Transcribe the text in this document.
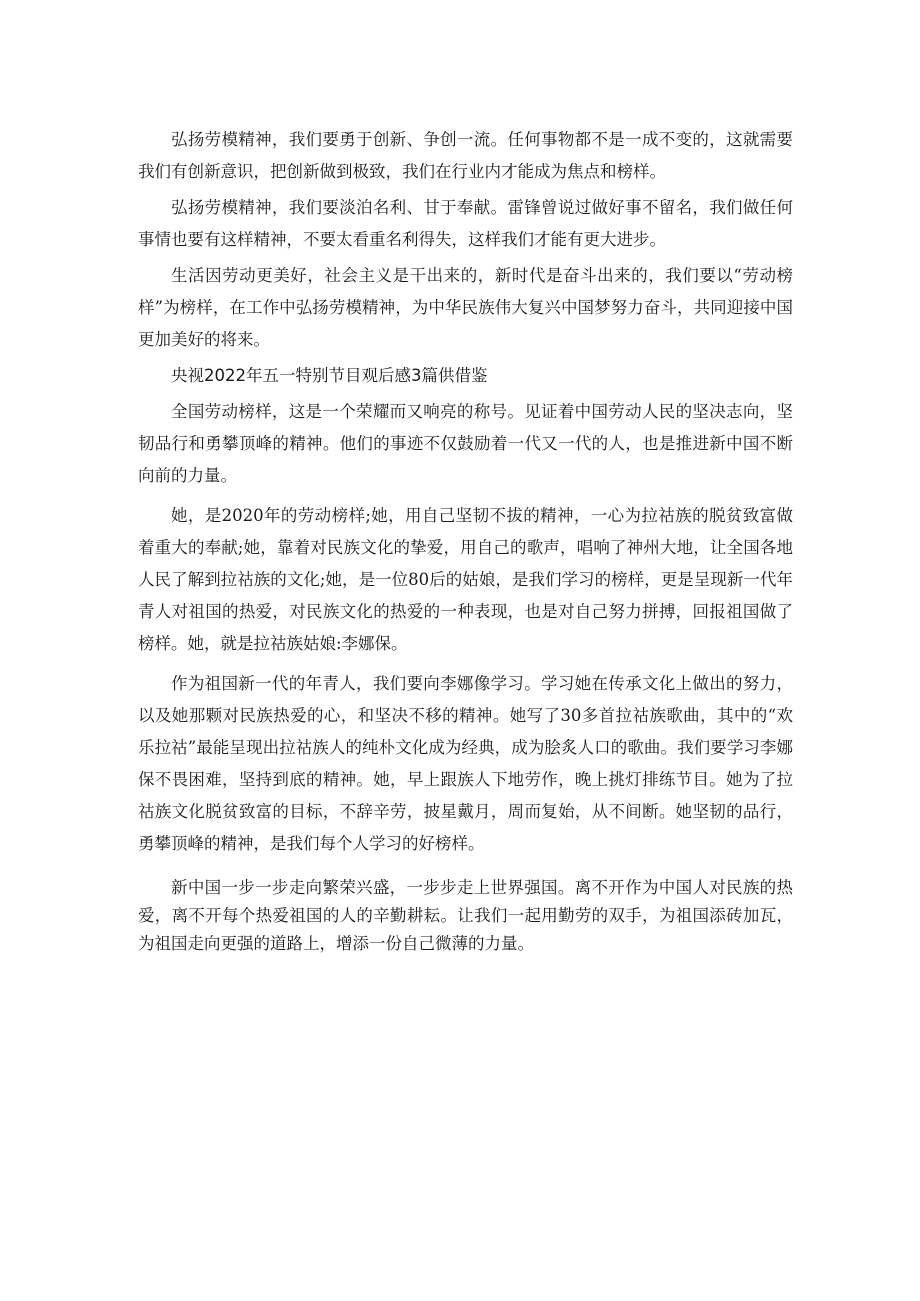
弘扬劳模精神，我们要勇于创新、争创一流。任何事物都不是一成不变的，这就需要我们有创新意识，把创新做到极致，我们在行业内才能成为焦点和榜样。

弘扬劳模精神，我们要淡泊名利、甘于奉献。雷锋曾说过做好事不留名，我们做任何事情也要有这样精神，不要太看重名利得失，这样我们才能有更大进步。

生活因劳动更美好，社会主义是干出来的，新时代是奋斗出来的，我们要以“劳动榜样”为榜样，在工作中弘扬劳模精神，为中华民族伟大复兴中国梦努力奋斗，共同迎接中国更加美好的将来。

央视2022年五一特别节目观后感3篇供借鉴

全国劳动榜样，这是一个荣耀而又响亮的称号。见证着中国劳动人民的坚决志向，坚韧品行和勇攀顶峰的精神。他们的事迹不仅鼓励着一代又一代的人，也是推进新中国不断向前的力量。

她，是2020年的劳动榜样;她，用自己坚韧不拔的精神，一心为拉祜族的脱贫致富做着重大的奉献;她，靠着对民族文化的挚爱，用自己的歌声，唱响了神州大地，让全国各地人民了解到拉祜族的文化;她，是一位80后的姑娘，是我们学习的榜样，更是呈现新一代年青人对祖国的热爱，对民族文化的热爱的一种表现，也是对自己努力拼搏，回报祖国做了榜样。她，就是拉祜族姑娘:李娜保。

作为祖国新一代的年青人，我们要向李娜像学习。学习她在传承文化上做出的努力，以及她那颗对民族热爱的心，和坚决不移的精神。她写了30多首拉祜族歌曲，其中的“欢乐拉祜”最能呈现出拉祜族人的纯朴文化成为经典，成为脍炙人口的歌曲。我们要学习李娜保不畏困难，坚持到底的精神。她，早上跟族人下地劳作，晚上挑灯排练节目。她为了拉祜族文化脱贫致富的目标，不辞辛劳，披星戴月，周而复始，从不间断。她坚韧的品行，勇攀顶峰的精神，是我们每个人学习的好榜样。

新中国一步一步走向繁荣兴盛，一步步走上世界强国。离不开作为中国人对民族的热爱，离不开每个热爱祖国的人的辛勤耕耘。让我们一起用勤劳的双手，为祖国添砖加瓦，为祖国走向更强的道路上，增添一份自己微薄的力量。
